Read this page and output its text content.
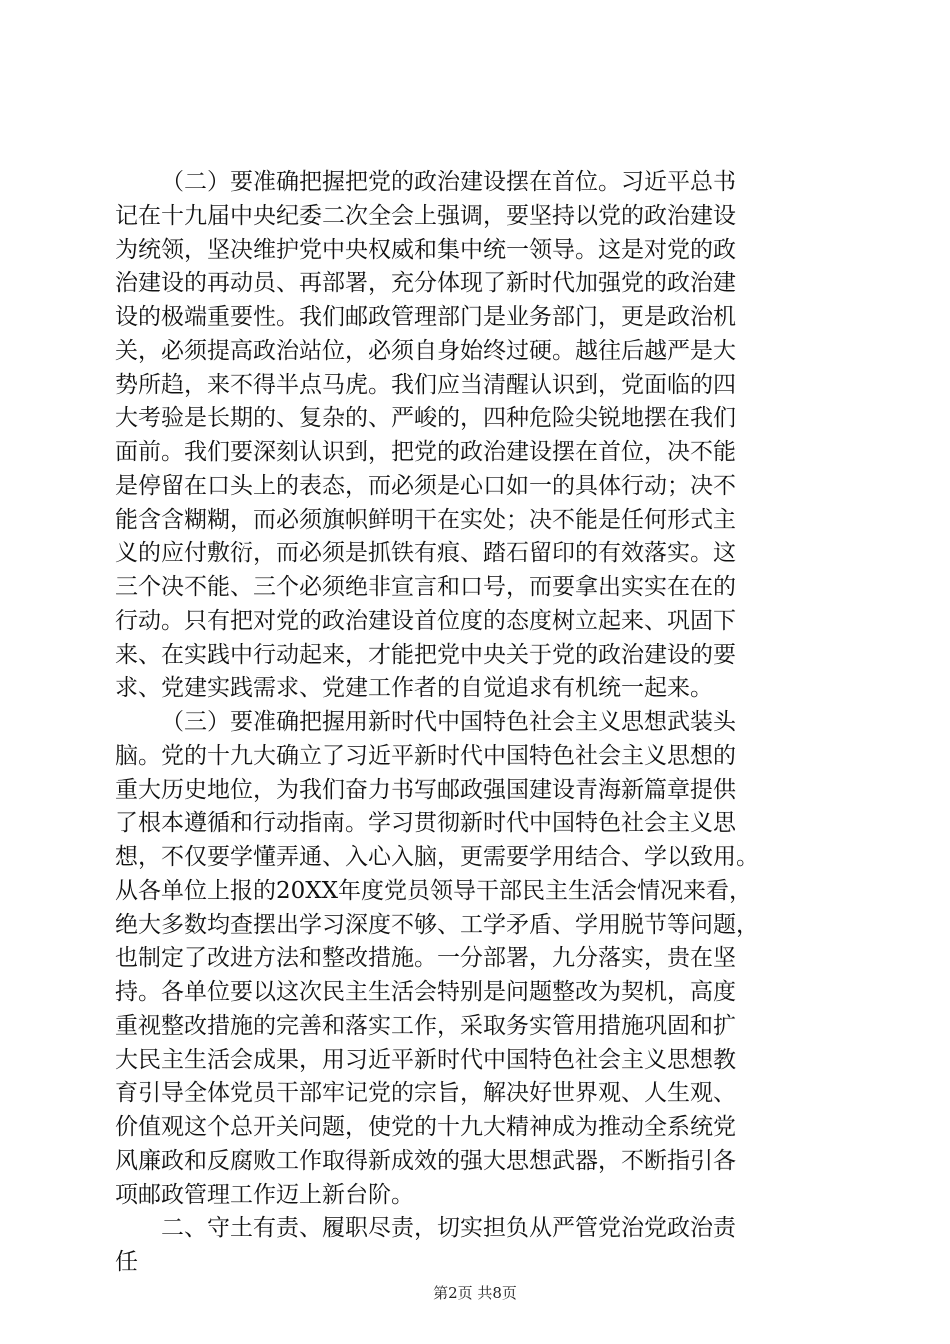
（二）要准确把握把党的政治建设摆在首位。习近平总书
记在十九届中央纪委二次全会上强调，要坚持以党的政治建设
为统领，坚决维护党中央权威和集中统一领导。这是对党的政
治建设的再动员、再部署，充分体现了新时代加强党的政治建
设的极端重要性。我们邮政管理部门是业务部门，更是政治机
关，必须提高政治站位，必须自身始终过硬。越往后越严是大
势所趋，来不得半点马虎。我们应当清醒认识到，党面临的四
大考验是长期的、复杂的、严峻的，四种危险尖锐地摆在我们
面前。我们要深刻认识到，把党的政治建设摆在首位，决不能
是停留在口头上的表态，而必须是心口如一的具体行动；决不
能含含糊糊，而必须旗帜鲜明干在实处；决不能是任何形式主
义的应付敷衍，而必须是抓铁有痕、踏石留印的有效落实。这
三个决不能、三个必须绝非宣言和口号，而要拿出实实在在的
行动。只有把对党的政治建设首位度的态度树立起来、巩固下
来、在实践中行动起来，才能把党中央关于党的政治建设的要
求、党建实践需求、党建工作者的自觉追求有机统一起来。
（三）要准确把握用新时代中国特色社会主义思想武装头
脑。党的十九大确立了习近平新时代中国特色社会主义思想的
重大历史地位，为我们奋力书写邮政强国建设青海新篇章提供
了根本遵循和行动指南。学习贯彻新时代中国特色社会主义思
想，不仅要学懂弄通、入心入脑，更需要学用结合、学以致用。
从各单位上报的20XX年度党员领导干部民主生活会情况来看，
绝大多数均查摆出学习深度不够、工学矛盾、学用脱节等问题，
也制定了改进方法和整改措施。一分部署，九分落实，贵在坚
持。各单位要以这次民主生活会特别是问题整改为契机，高度
重视整改措施的完善和落实工作，采取务实管用措施巩固和扩
大民主生活会成果，用习近平新时代中国特色社会主义思想教
育引导全体党员干部牢记党的宗旨，解决好世界观、人生观、
价值观这个总开关问题，使党的十九大精神成为推动全系统党
风廉政和反腐败工作取得新成效的强大思想武器，不断指引各
项邮政管理工作迈上新台阶。
二、守土有责、履职尽责，切实担负从严管党治党政治责
任
第2页 共8页
